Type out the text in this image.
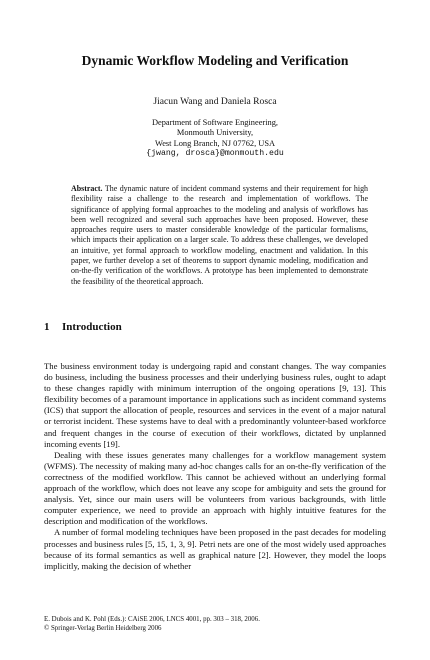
Dynamic Workflow Modeling and Verification
Jiacun Wang and Daniela Rosca
Department of Software Engineering,
Monmouth University,
West Long Branch, NJ 07762, USA
{jwang, drosca}@monmouth.edu
Abstract. The dynamic nature of incident command systems and their requirement for high flexibility raise a challenge to the research and implementation of workflows. The significance of applying formal approaches to the modeling and analysis of workflows has been well recognized and several such approaches have been proposed. However, these approaches require users to master considerable knowledge of the particular formalisms, which impacts their application on a larger scale. To address these challenges, we developed an intuitive, yet formal approach to workflow modeling, enactment and validation. In this paper, we further develop a set of theorems to support dynamic modeling, modification and on-the-fly verification of the workflows. A prototype has been implemented to demonstrate the feasibility of the theoretical approach.
1 Introduction

The business environment today is undergoing rapid and constant changes. The way companies do business, including the business processes and their underlying business rules, ought to adapt to these changes rapidly with minimum interruption of the ongoing operations [9, 13]. This flexibility becomes of a paramount importance in applications such as incident command systems (ICS) that support the allocation of people, resources and services in the event of a major natural or terrorist incident. These systems have to deal with a predominantly volunteer-based workforce and frequent changes in the course of execution of their workflows, dictated by unplanned incoming events [19].

Dealing with these issues generates many challenges for a workflow management system (WFMS). The necessity of making many ad-hoc changes calls for an on-the-fly verification of the correctness of the modified workflow. This cannot be achieved without an underlying formal approach of the workflow, which does not leave any scope for ambiguity and sets the ground for analysis. Yet, since our main users will be volunteers from various backgrounds, with little computer experience, we need to provide an approach with highly intuitive features for the description and modification of the workflows.

A number of formal modeling techniques have been proposed in the past decades for modeling processes and business rules [5, 15, 1, 3, 9]. Petri nets are one of the most widely used approaches because of its formal semantics as well as graphical nature [2]. However, they model the loops implicitly, making the decision of whether

E. Dubois and K. Pohl (Eds.): CAiSE 2006, LNCS 4001, pp. 303 – 318, 2006.
© Springer-Verlag Berlin Heidelberg 2006
